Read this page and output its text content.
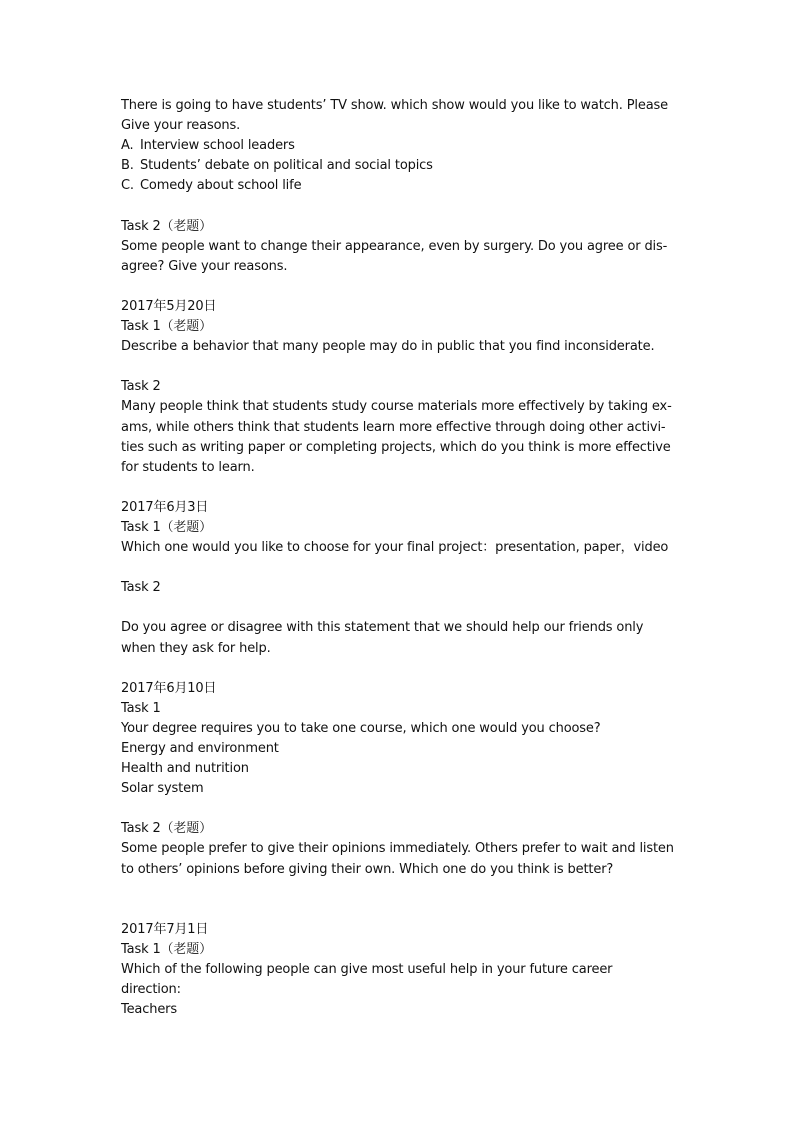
There is going to have students’ TV show. which show would you like to watch. Please
Give your reasons.
A. Interview school leaders
B. Students’ debate on political and social topics
C. Comedy about school life
Task 2（老题）
Some people want to change their appearance, even by surgery. Do you agree or dis-
agree? Give your reasons.
2017年5月20日
Task 1（老题）
Describe a behavior that many people may do in public that you find inconsiderate.
Task 2
Many people think that students study course materials more effectively by taking ex-
ams, while others think that students learn more effective through doing other activi-
ties such as writing paper or completing projects, which do you think is more effective
for students to learn.
2017年6月3日
Task 1（老题）
Which one would you like to choose for your final project：presentation, paper，video
Task 2
Do you agree or disagree with this statement that we should help our friends only
when they ask for help.
2017年6月10日
Task 1
Your degree requires you to take one course, which one would you choose?
Energy and environment
Health and nutrition
Solar system
Task 2（老题）
Some people prefer to give their opinions immediately. Others prefer to wait and listen
to others’ opinions before giving their own. Which one do you think is better?
2017年7月1日
Task 1（老题）
Which of the following people can give most useful help in your future career
direction:
Teachers
